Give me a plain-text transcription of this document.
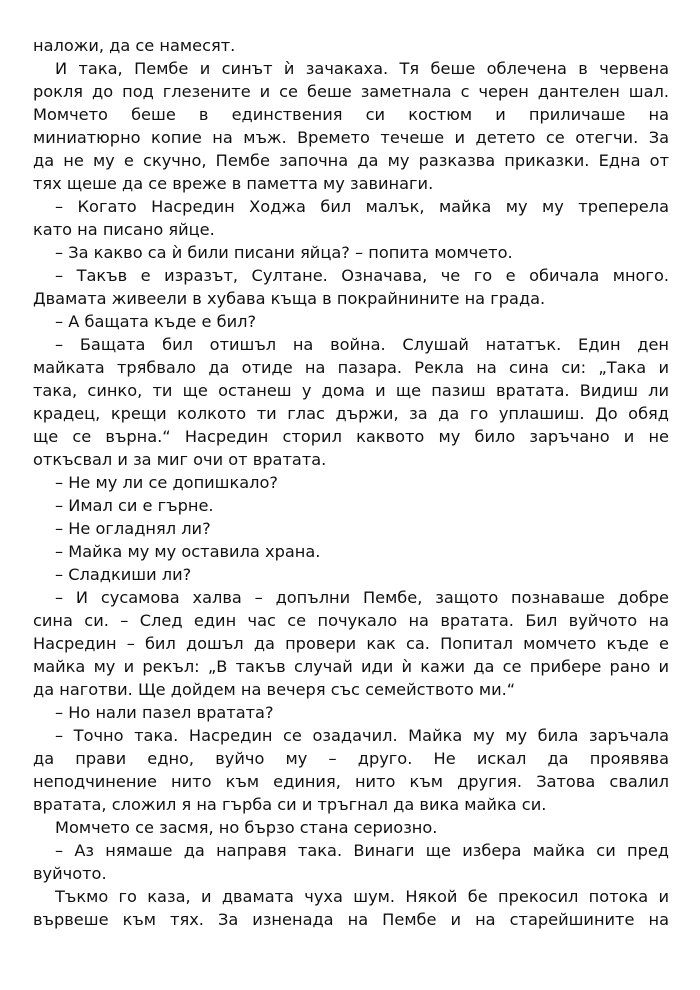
наложи, да се намесят.
И така, Пембе и синът ѝ зачакаха. Тя беше облечена в червена
рокля до под глезените и се беше заметнала с черен дантелен шал.
Момчето беше в единствения си костюм и приличаше на
миниатюрно копие на мъж. Времето течеше и детето се отегчи. За
да не му е скучно, Пембе започна да му разказва приказки. Една от
тях щеше да се вреже в паметта му завинаги.
– Когато Насредин Ходжа бил малък, майка му му треперела
като на писано яйце.
– За какво са ѝ били писани яйца? – попита момчето.
– Такъв е изразът, Султане. Означава, че го е обичала много.
Двамата живеели в хубава къща в покрайнините на града.
– А бащата къде е бил?
– Бащата бил отишъл на война. Слушай нататък. Един ден
майката трябвало да отиде на пазара. Рекла на сина си: „Така и
така, синко, ти ще останеш у дома и ще пазиш вратата. Видиш ли
крадец, крещи колкото ти глас държи, за да го уплашиш. До обяд
ще се върна.“ Насредин сторил каквото му било заръчано и не
откъсвал и за миг очи от вратата.
– Не му ли се допишкало?
– Имал си е гърне.
– Не огладнял ли?
– Майка му му оставила храна.
– Сладкиши ли?
– И сусамова халва – допълни Пембе, защото познаваше добре
сина си. – След един час се почукало на вратата. Бил вуйчото на
Насредин – бил дошъл да провери как са. Попитал момчето къде е
майка му и рекъл: „В такъв случай иди ѝ кажи да се прибере рано и
да наготви. Ще дойдем на вечеря със семейството ми.“
– Но нали пазел вратата?
– Точно така. Насредин се озадачил. Майка му му била заръчала
да прави едно, вуйчо му – друго. Не искал да проявява
неподчинение нито към единия, нито към другия. Затова свалил
вратата, сложил я на гърба си и тръгнал да вика майка си.
Момчето се засмя, но бързо стана сериозно.
– Аз нямаше да направя така. Винаги ще избера майка си пред
вуйчото.
Тъкмо го каза, и двамата чуха шум. Някой бе прекосил потока и
вървеше към тях. За изненада на Пембе и на старейшините на
